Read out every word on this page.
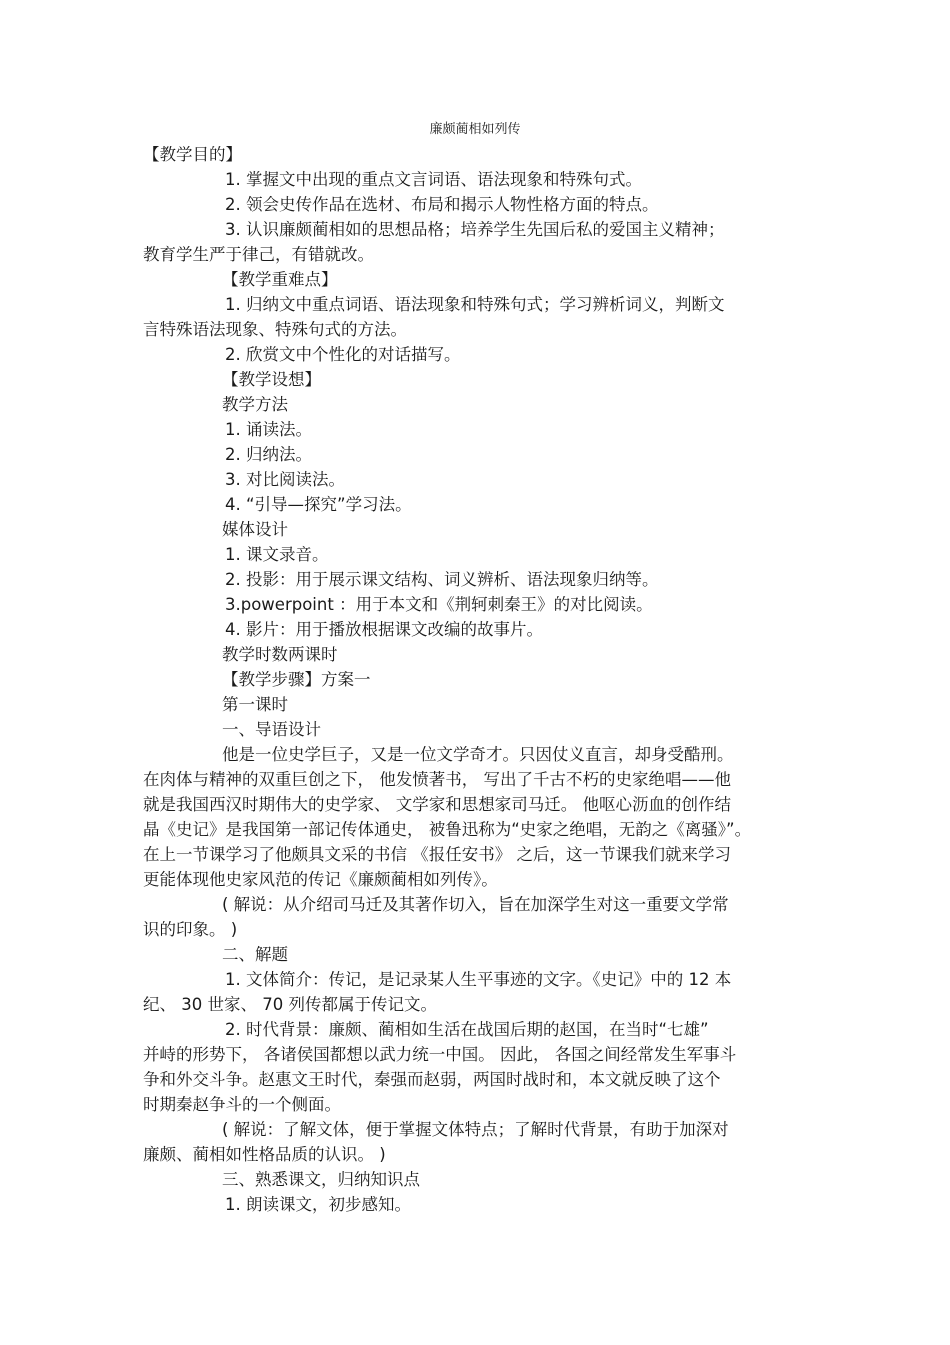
廉颇蔺相如列传
【教学目的】
1. 掌握文中出现的重点文言词语、语法现象和特殊句式。
2. 领会史传作品在选材、布局和揭示人物性格方面的特点。
3. 认识廉颇蔺相如的思想品格；培养学生先国后私的爱国主义精神；
教育学生严于律己，有错就改。
【教学重难点】
1. 归纳文中重点词语、语法现象和特殊句式；学习辨析词义，判断文
言特殊语法现象、特殊句式的方法。
2. 欣赏文中个性化的对话描写。
【教学设想】
教学方法
1. 诵读法。
2. 归纳法。
3. 对比阅读法。
4. “引导—探究”学习法。
媒体设计
1. 课文录音。
2. 投影：用于展示课文结构、词义辨析、语法现象归纳等。
3.powerpoint ：用于本文和《荆轲刺秦王》的对比阅读。
4. 影片：用于播放根据课文改编的故事片。
教学时数两课时
【教学步骤】方案一
第一课时
一、导语设计
他是一位史学巨子，又是一位文学奇才。只因仗义直言，却身受酷刑。
在肉体与精神的双重巨创之下， 他发愤著书， 写出了千古不朽的史家绝唱——他
就是我国西汉时期伟大的史学家、 文学家和思想家司马迁。 他呕心沥血的创作结
晶《史记》是我国第一部记传体通史， 被鲁迅称为“史家之绝唱，无韵之《离骚》”。
在上一节课学习了他颇具文采的书信 《报任安书》 之后，这一节课我们就来学习
更能体现他史家风范的传记《廉颇蔺相如列传》。
( 解说：从介绍司马迁及其著作切入，旨在加深学生对这一重要文学常
识的印象。 )
二、解题
1. 文体简介：传记，是记录某人生平事迹的文字。《史记》中的 12 本
纪、 30 世家、 70 列传都属于传记文。
2. 时代背景：廉颇、蔺相如生活在战国后期的赵国，在当时“七雄”
并峙的形势下， 各诸侯国都想以武力统一中国。 因此， 各国之间经常发生军事斗
争和外交斗争。赵惠文王时代，秦强而赵弱，两国时战时和，本文就反映了这个
时期秦赵争斗的一个侧面。
( 解说：了解文体，便于掌握文体特点；了解时代背景，有助于加深对
廉颇、蔺相如性格品质的认识。 )
三、熟悉课文，归纳知识点
1. 朗读课文，初步感知。
